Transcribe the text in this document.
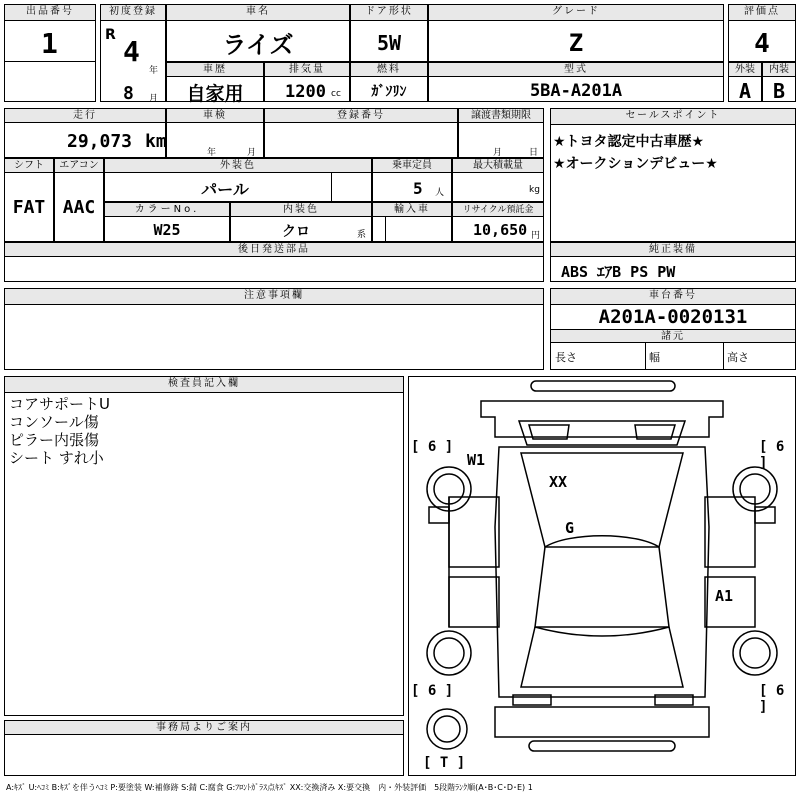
出品番号
1
初度登録
R 4
年
8 月
車名
ライズ
ドア形状
5W
グレード
Z
評価点
4
車歴
自家用
排気量
1200 cc
燃料
ｶﾞｿﾘﾝ
型式
5BA-A201A
外装
A
内装
B
走行
29,073 km
車検
年	月
登録番号	譲渡書類期限
月	日
セールスポイント
★トヨタ認定中古車歴★
★オークションデビュー★
シフト
FAT
エアコン
AAC
外装色
パール
乗車定員
5 人
最大積載量
kg
カラーNo.
W25
内装色
クロ	系
輸入車	リサイクル預託金
10,650 円
後日発送部品	純正装備
ABS ｴｱB PS PW
注意事項欄	車台番号
A201A-0020131
諸元
長さ	幅	高さ
検査員記入欄
コアサポートU
コンソール傷
ピラー内張傷
シート すれ小
事務局よりご案内
[ 6 ]	[ 6 ]
[ 6 ]	[ 6 ]
W1
XX
G
A1
[ T ]
A:ｷｽﾞ U:ﾍｺﾐ B:ｷｽﾞを伴うﾍｺﾐ P:要塗装 W:補修跡 S:錆 C:腐食 G:ﾌﾛﾝﾄｶﾞﾗｽ点ｷｽﾞ XX:交換済み X:要交換　内・外装評価　5段階ﾗﾝｸ順(A･B･C･D･E) 1
